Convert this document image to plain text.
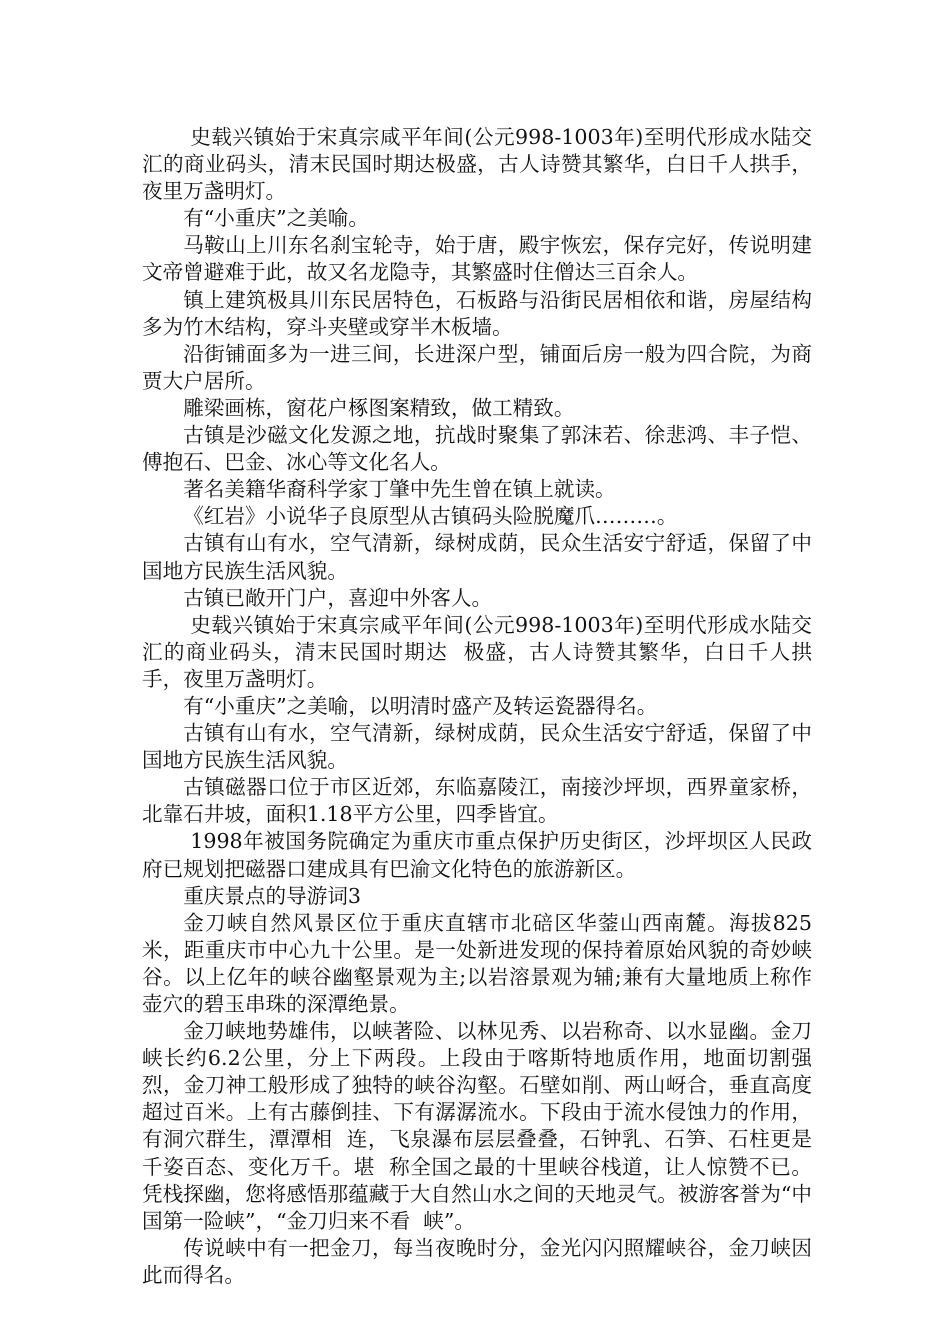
史载兴镇始于宋真宗咸平年间(公元998-1003年)至明代形成水陆交汇的商业码头，清末民国时期达极盛，古人诗赞其繁华，白日千人拱手，夜里万盏明灯。

有“小重庆”之美喻。

马鞍山上川东名刹宝轮寺，始于唐，殿宇恢宏，保存完好，传说明建文帝曾避难于此，故又名龙隐寺，其繁盛时住僧达三百余人。

镇上建筑极具川东民居特色，石板路与沿街民居相依和谐，房屋结构多为竹木结构，穿斗夹壁或穿半木板墙。

沿街铺面多为一进三间，长进深户型，铺面后房一般为四合院，为商贾大户居所。

雕梁画栋，窗花户椓图案精致，做工精致。

古镇是沙磁文化发源之地，抗战时聚集了郭沫若、徐悲鸿、丰子恺、傅抱石、巴金、冰心等文化名人。

著名美籍华裔科学家丁肇中先生曾在镇上就读。

《红岩》小说华子良原型从古镇码头险脱魔爪………。

古镇有山有水，空气清新，绿树成荫，民众生活安宁舒适，保留了中国地方民族生活风貌。

古镇已敞开门户，喜迎中外客人。

史载兴镇始于宋真宗咸平年间(公元998-1003年)至明代形成水陆交汇的商业码头，清末民国时期达  极盛，古人诗赞其繁华，白日千人拱手，夜里万盏明灯。

有“小重庆”之美喻，以明清时盛产及转运瓷器得名。

古镇有山有水，空气清新，绿树成荫，民众生活安宁舒适，保留了中国地方民族生活风貌。

古镇磁器口位于市区近郊，东临嘉陵江，南接沙坪坝，西界童家桥，北靠石井坡，面积1.18平方公里，四季皆宜。

1998年被国务院确定为重庆市重点保护历史街区，沙坪坝区人民政府已规划把磁器口建成具有巴渝文化特色的旅游新区。

重庆景点的导游词3

金刀峡自然风景区位于重庆直辖市北碚区华蓥山西南麓。海拔825米，距重庆市中心九十公里。是一处新进发现的保持着原始风貌的奇妙峡谷。以上亿年的峡谷幽壑景观为主;以岩溶景观为辅;兼有大量地质上称作壶穴的碧玉串珠的深潭绝景。

金刀峡地势雄伟，以峡著险、以林见秀、以岩称奇、以水显幽。金刀峡长约6.2公里，分上下两段。上段由于喀斯特地质作用，地面切割强烈，金刀神工般形成了独特的峡谷沟壑。石壁如削、两山岈合，垂直高度超过百米。上有古藤倒挂、下有潺潺流水。下段由于流水侵蚀力的作用，有洞穴群生，潭潭相  连，飞泉瀑布层层叠叠，石钟乳、石笋、石柱更是千姿百态、变化万千。堪  称全国之最的十里峡谷栈道，让人惊赞不已。凭栈探幽，您将感悟那蕴藏于大自然山水之间的天地灵气。被游客誉为“中国第一险峡”，“金刀归来不看  峡”。

传说峡中有一把金刀，每当夜晚时分，金光闪闪照耀峡谷，金刀峡因此而得名。
